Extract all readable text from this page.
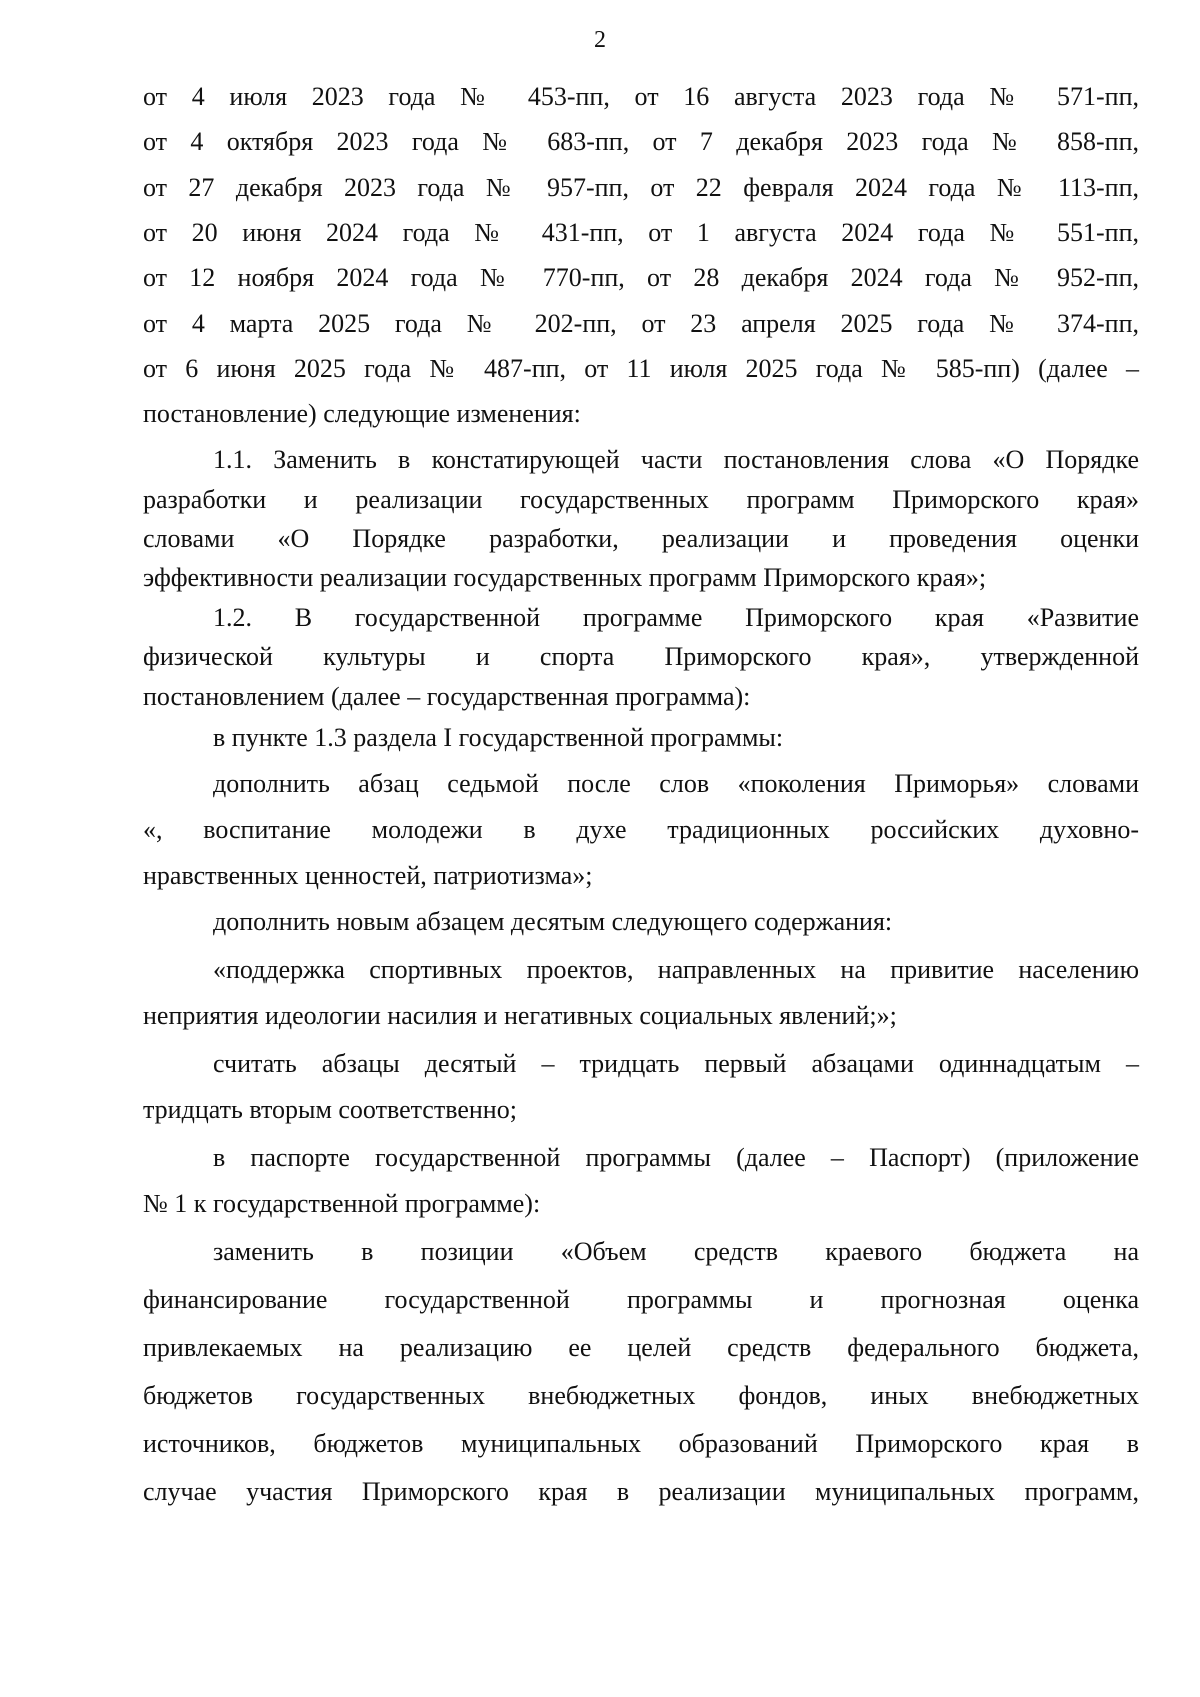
2
от 4 июля 2023 года № 453-пп, от 16 августа 2023 года № 571-пп,
от 4 октября 2023 года № 683-пп, от 7 декабря 2023 года № 858-пп,
от 27 декабря 2023 года № 957-пп, от 22 февраля 2024 года № 113-пп,
от 20 июня 2024 года № 431-пп, от 1 августа 2024 года № 551-пп,
от 12 ноября 2024 года № 770-пп, от 28 декабря 2024 года № 952-пп,
от 4 марта 2025 года № 202-пп, от 23 апреля 2025 года № 374-пп,
от 6 июня 2025 года № 487-пп, от 11 июля 2025 года № 585-пп) (далее –
постановление) следующие изменения:
1.1. Заменить в констатирующей части постановления слова «О Порядке
разработки и реализации государственных программ Приморского края»
словами «О Порядке разработки, реализации и проведения оценки
эффективности реализации государственных программ Приморского края»;
1.2. В государственной программе Приморского края «Развитие
физической культуры и спорта Приморского края», утвержденной
постановлением (далее – государственная программа):
в пункте 1.3 раздела I государственной программы:
дополнить абзац седьмой после слов «поколения Приморья» словами
«, воспитание молодежи в духе традиционных российских духовно-
нравственных ценностей, патриотизма»;
дополнить новым абзацем десятым следующего содержания:
«поддержка спортивных проектов, направленных на привитие населению
неприятия идеологии насилия и негативных социальных явлений;»;
считать абзацы десятый – тридцать первый абзацами одиннадцатым –
тридцать вторым соответственно;
в паспорте государственной программы (далее – Паспорт) (приложение
№ 1 к государственной программе):
заменить в позиции «Объем средств краевого бюджета на
финансирование государственной программы и прогнозная оценка
привлекаемых на реализацию ее целей средств федерального бюджета,
бюджетов государственных внебюджетных фондов, иных внебюджетных
источников, бюджетов муниципальных образований Приморского края в
случае участия Приморского края в реализации муниципальных программ,
